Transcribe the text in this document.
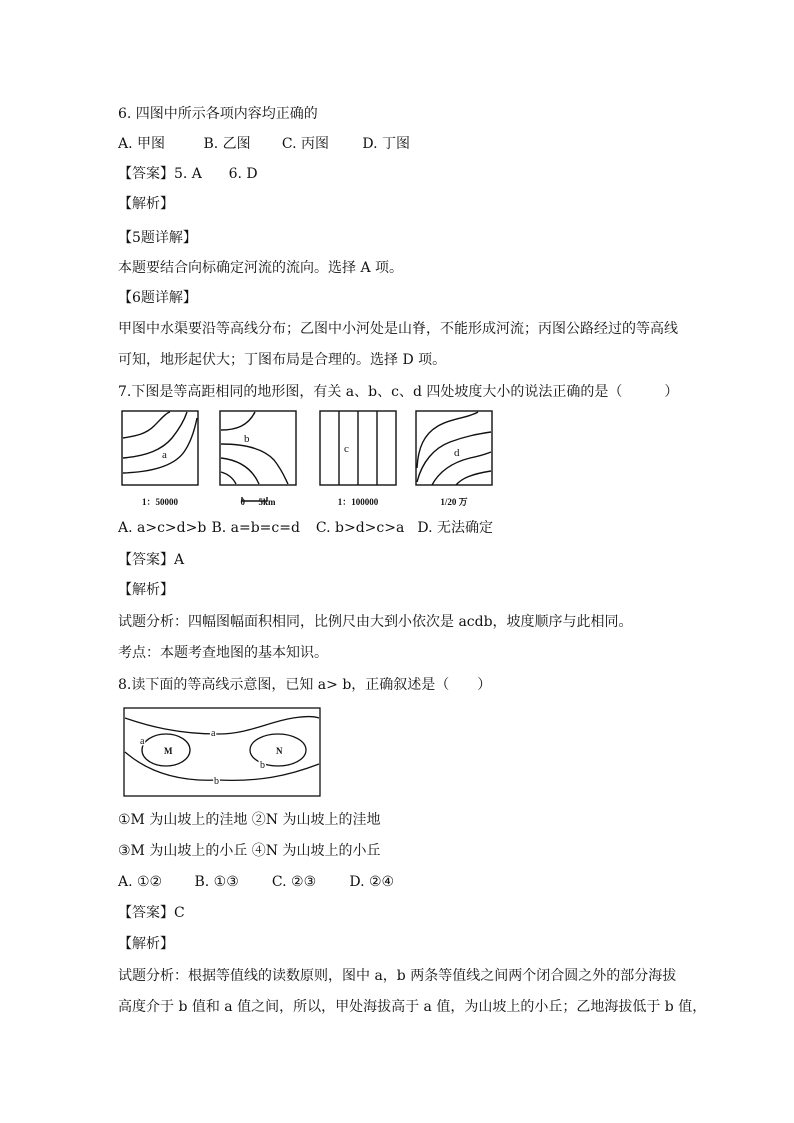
6. 四图中所示各项内容均正确的
A. 甲图	B. 乙图 C. 丙图 D. 丁图
【答案】5. A      6. D
【解析】
【5题详解】
本题要结合向标确定河流的流向。选择 A 项。
【6题详解】
甲图中水渠要沿等高线分布；乙图中小河处是山脊，不能形成河流；丙图公路经过的等高线
可知，地形起伏大；丁图布局是合理的。选择 D 项。
7.下图是等高距相同的地形图，有关 a、b、c、d 四处坡度大小的说法正确的是（　　　）
a
b
c	d
1：50000	0      5km	1：100000	1/20 万
A. a>c>d>b B. a=b=c=d C. b>d>c>a D. 无法确定
【答案】A
【解析】
试题分析：四幅图幅面积相同，比例尺由大到小依次是 acdb，坡度顺序与此相同。
考点：本题考查地图的基本知识。
8.读下面的等高线示意图，已知 a> b，正确叙述是（　　）
a
a
M	N
b
b
①M 为山坡上的洼地 ②N 为山坡上的洼地
③M 为山坡上的小丘 ④N 为山坡上的小丘
A. ①② B. ①③ C. ②③ D. ②④
【答案】C
【解析】
试题分析：根据等值线的读数原则，图中 a，b 两条等值线之间两个闭合圆之外的部分海拔
高度介于 b 值和 a 值之间，所以，甲处海拔高于 a 值，为山坡上的小丘；乙地海拔低于 b 值，
